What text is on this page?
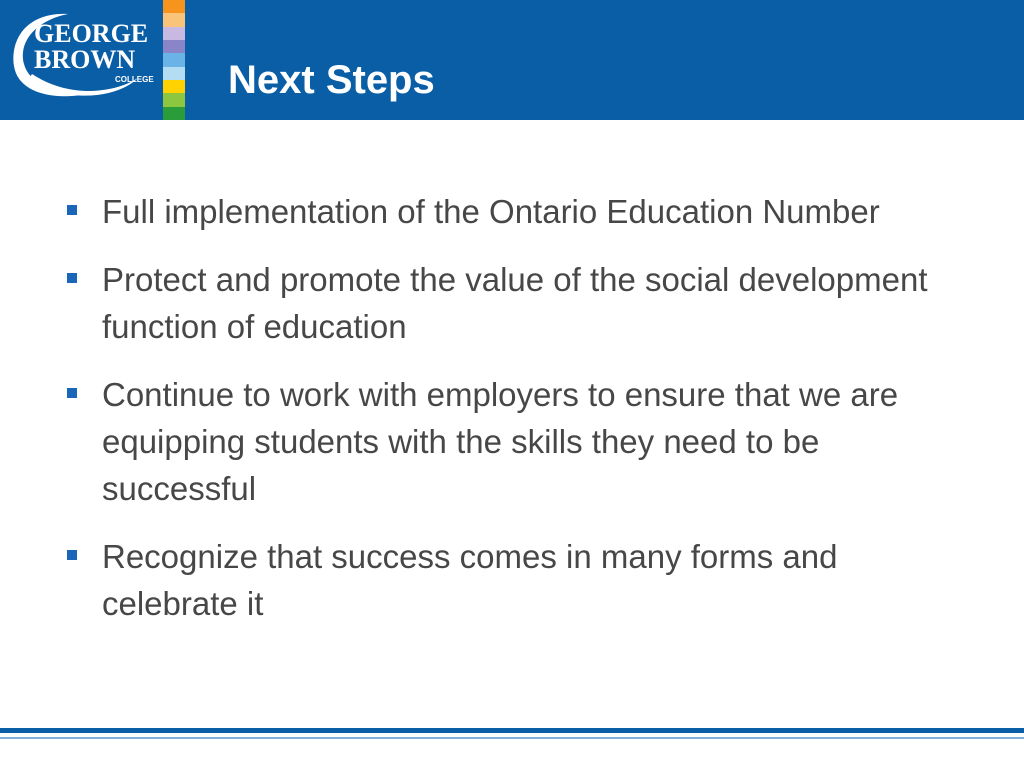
GEORGE
BROWN
COLLEGE Next Steps
Full implementation of the Ontario Education Number
Protect and promote the value of the social development function of education
Continue to work with employers to ensure that we are equipping students with the skills they need to be successful
Recognize that success comes in many forms and celebrate it
